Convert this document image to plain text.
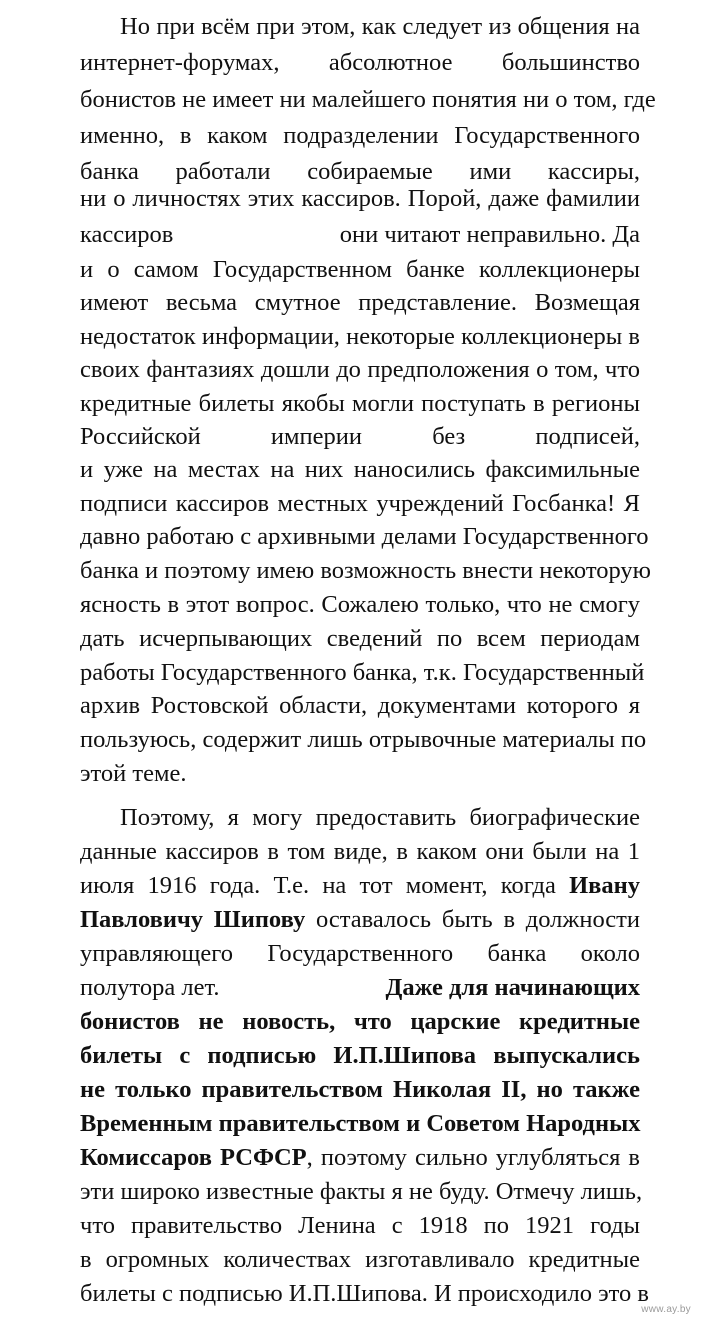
Но при всём при этом, как следует из общения на
интернет-форумах, абсолютное большинство
бонистов не имеет ни малейшего понятия ни о том, где
именно, в каком подразделении Государственного
банка работали собираемые ими кассиры,
ни о личностях этих кассиров. Порой, даже фамилии
кассиров	они читают неправильно. Да
и о самом Государственном банке коллекционеры
имеют весьма смутное представление. Возмещая
недостаток информации, некоторые коллекционеры в
своих фантазиях дошли до предположения о том, что
кредитные билеты якобы могли поступать в регионы
Российской империи без подписей,
и уже на местах на них наносились факсимильные
подписи кассиров местных учреждений Госбанка! Я
давно работаю с архивными делами Государственного
банка и поэтому имею возможность внести некоторую
ясность в этот вопрос. Сожалею только, что не смогу
дать исчерпывающих сведений по всем периодам
работы Государственного банка, т.к. Государственный
архив Ростовской области, документами которого я
пользуюсь, содержит лишь отрывочные материалы по
этой теме.
Поэтому, я могу предоставить биографические
данные кассиров в том виде, в каком они были на 1
июля 1916 года. Т.е. на тот момент, когда Ивану
Павловичу Шипову оставалось быть в должности
управляющего Государственного банка около
полутора лет.	Даже для начинающих
бонистов не новость, что царские кредитные
билеты с подписью И.П.Шипова выпускались
не только правительством Николая II, но также
Временным правительством и Советом Народных
Комиссаров РСФСР, поэтому сильно углубляться в
эти широко известные факты я не буду. Отмечу лишь,
что правительство Ленина с 1918 по 1921 годы
в огромных количествах изготавливало кредитные
билеты с подписью И.П.Шипова. И происходило это в
www.ay.by
